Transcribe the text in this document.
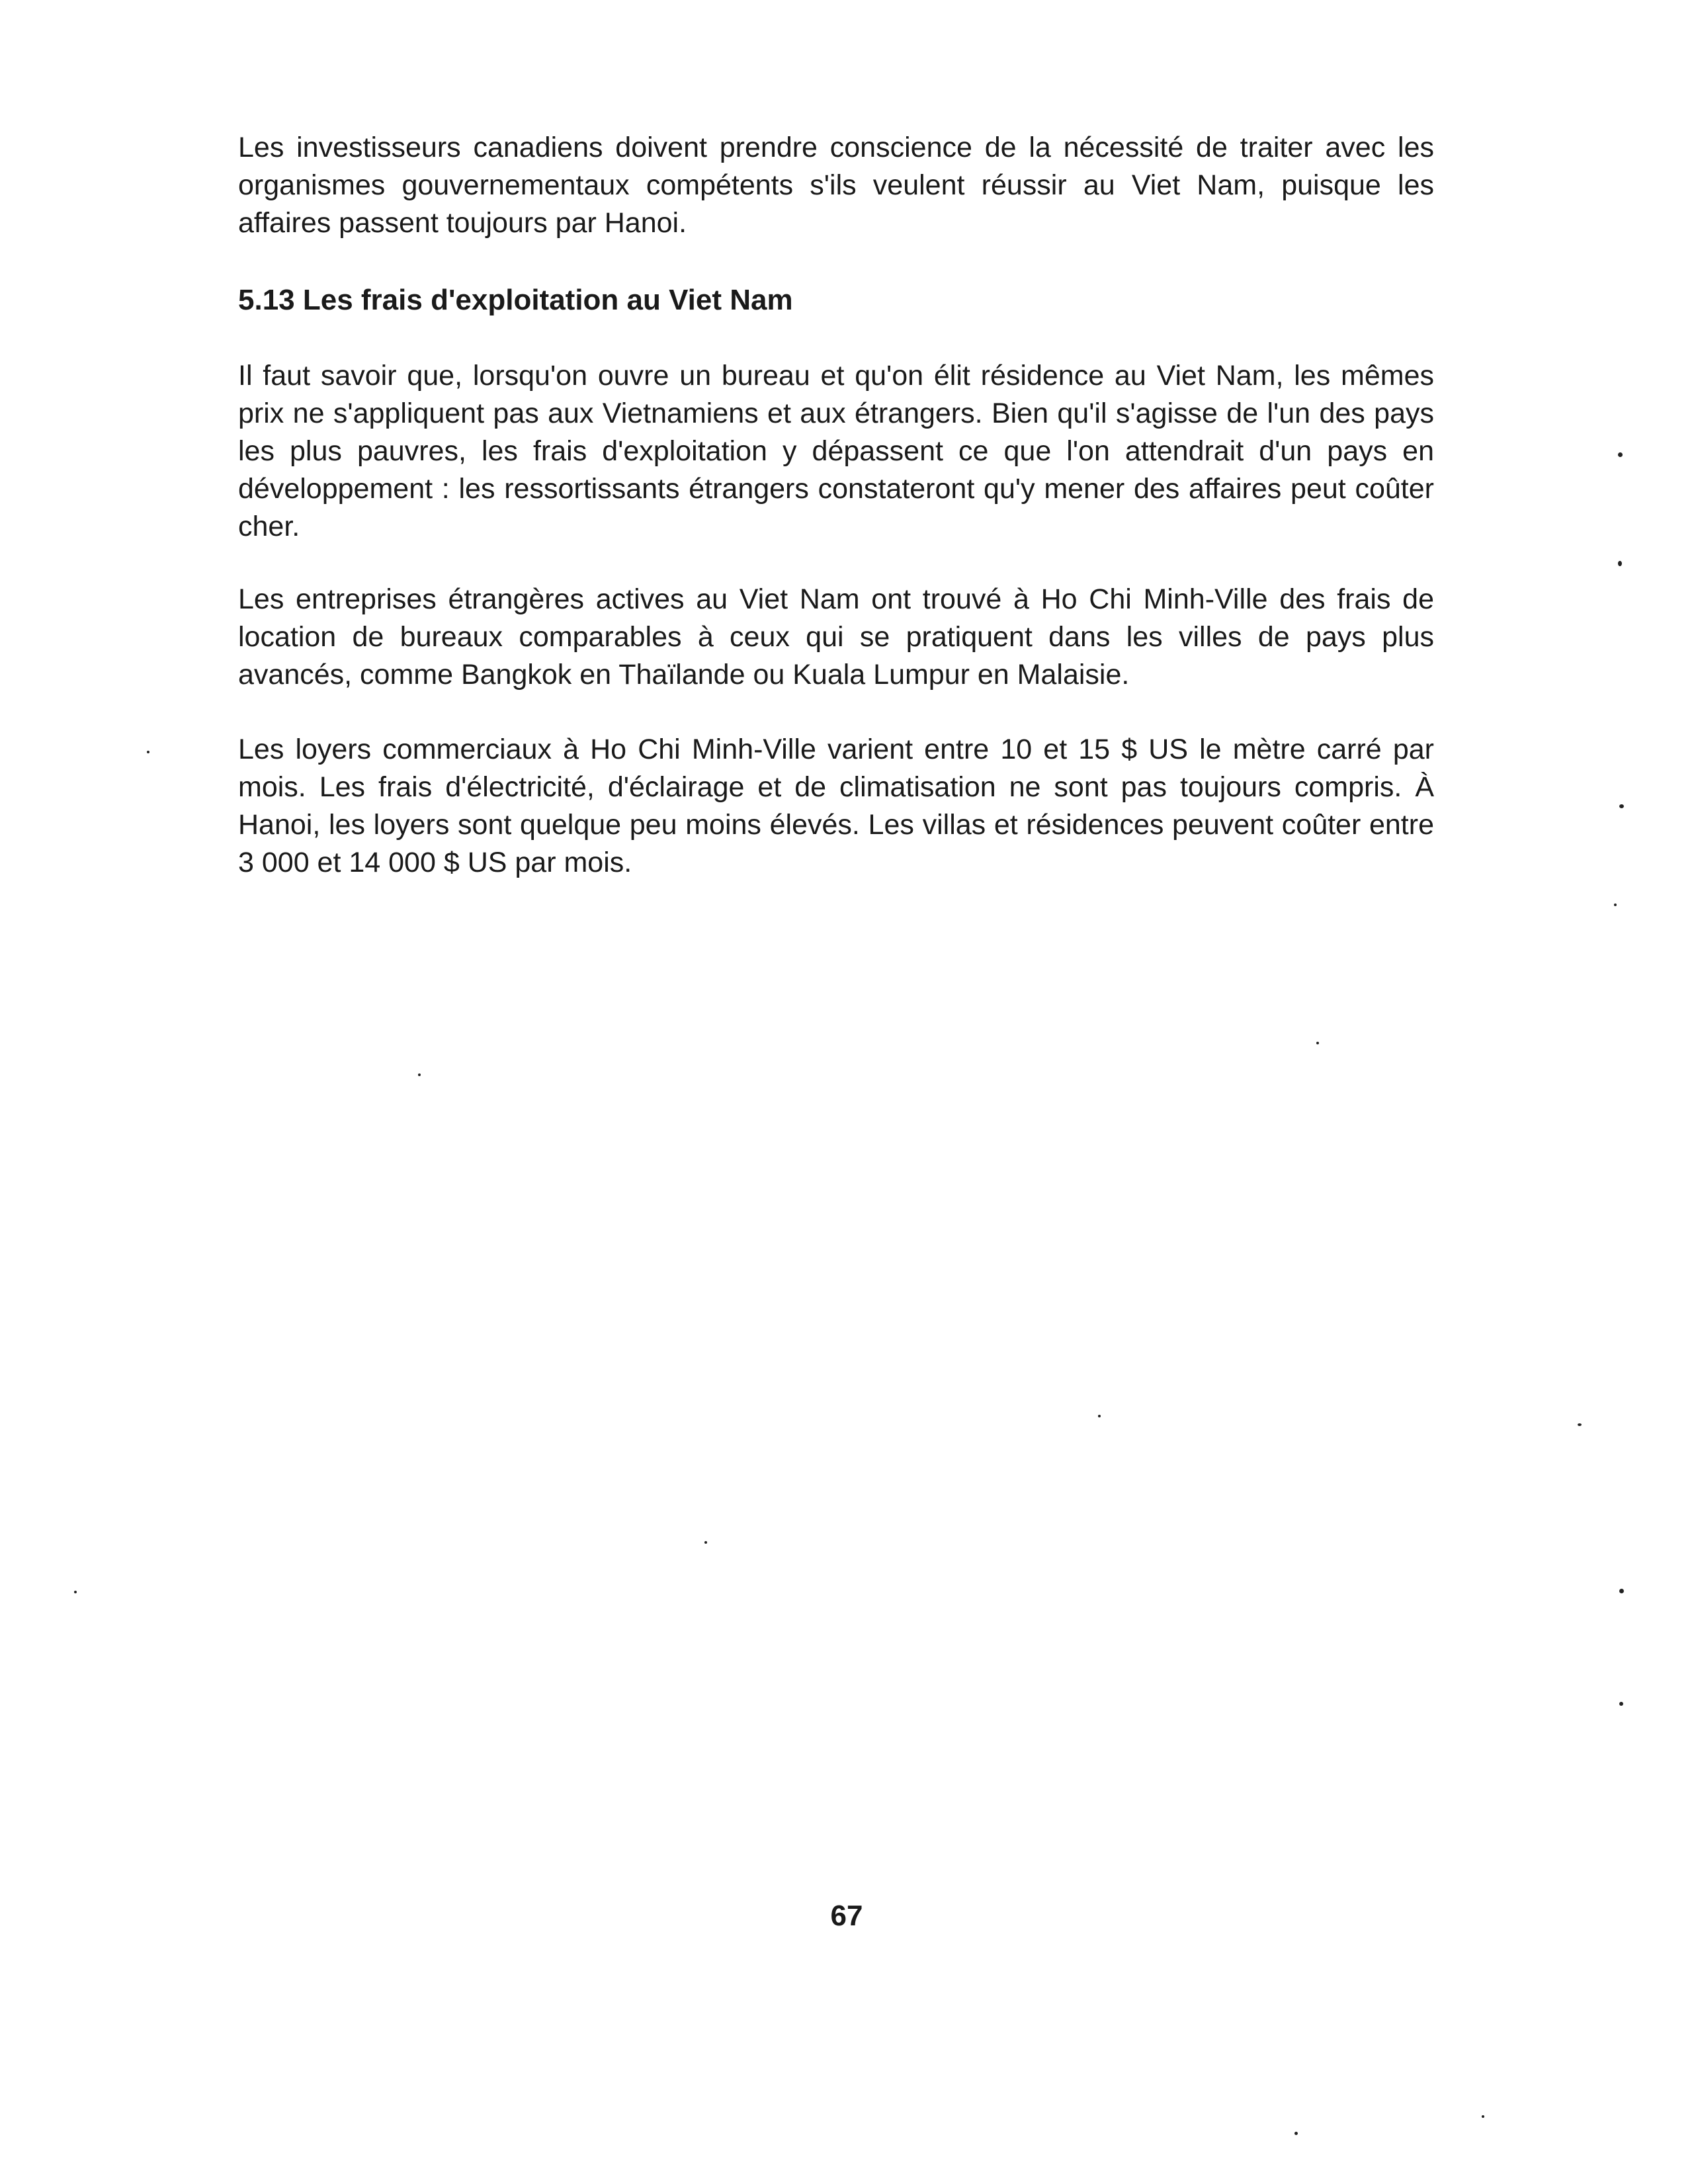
Les investisseurs canadiens doivent prendre conscience de la nécessité de traiter avec les organismes gouvernementaux compétents s'ils veulent réussir au Viet Nam, puisque les affaires passent toujours par Hanoi.

5.13 Les frais d'exploitation au Viet Nam

Il faut savoir que, lorsqu'on ouvre un bureau et qu'on élit résidence au Viet Nam, les mêmes prix ne s'appliquent pas aux Vietnamiens et aux étrangers. Bien qu'il s'agisse de l'un des pays les plus pauvres, les frais d'exploitation y dépassent ce que l'on attendrait d'un pays en développement : les ressortissants étrangers constateront qu'y mener des affaires peut coûter cher.

Les entreprises étrangères actives au Viet Nam ont trouvé à Ho Chi Minh-Ville des frais de location de bureaux comparables à ceux qui se pratiquent dans les villes de pays plus avancés, comme Bangkok en Thaïlande ou Kuala Lumpur en Malaisie.

Les loyers commerciaux à Ho Chi Minh-Ville varient entre 10 et 15 $ US le mètre carré par mois. Les frais d'électricité, d'éclairage et de climatisation ne sont pas toujours compris. À Hanoi, les loyers sont quelque peu moins élevés. Les villas et résidences peuvent coûter entre 3 000 et 14 000 $ US par mois.

67
